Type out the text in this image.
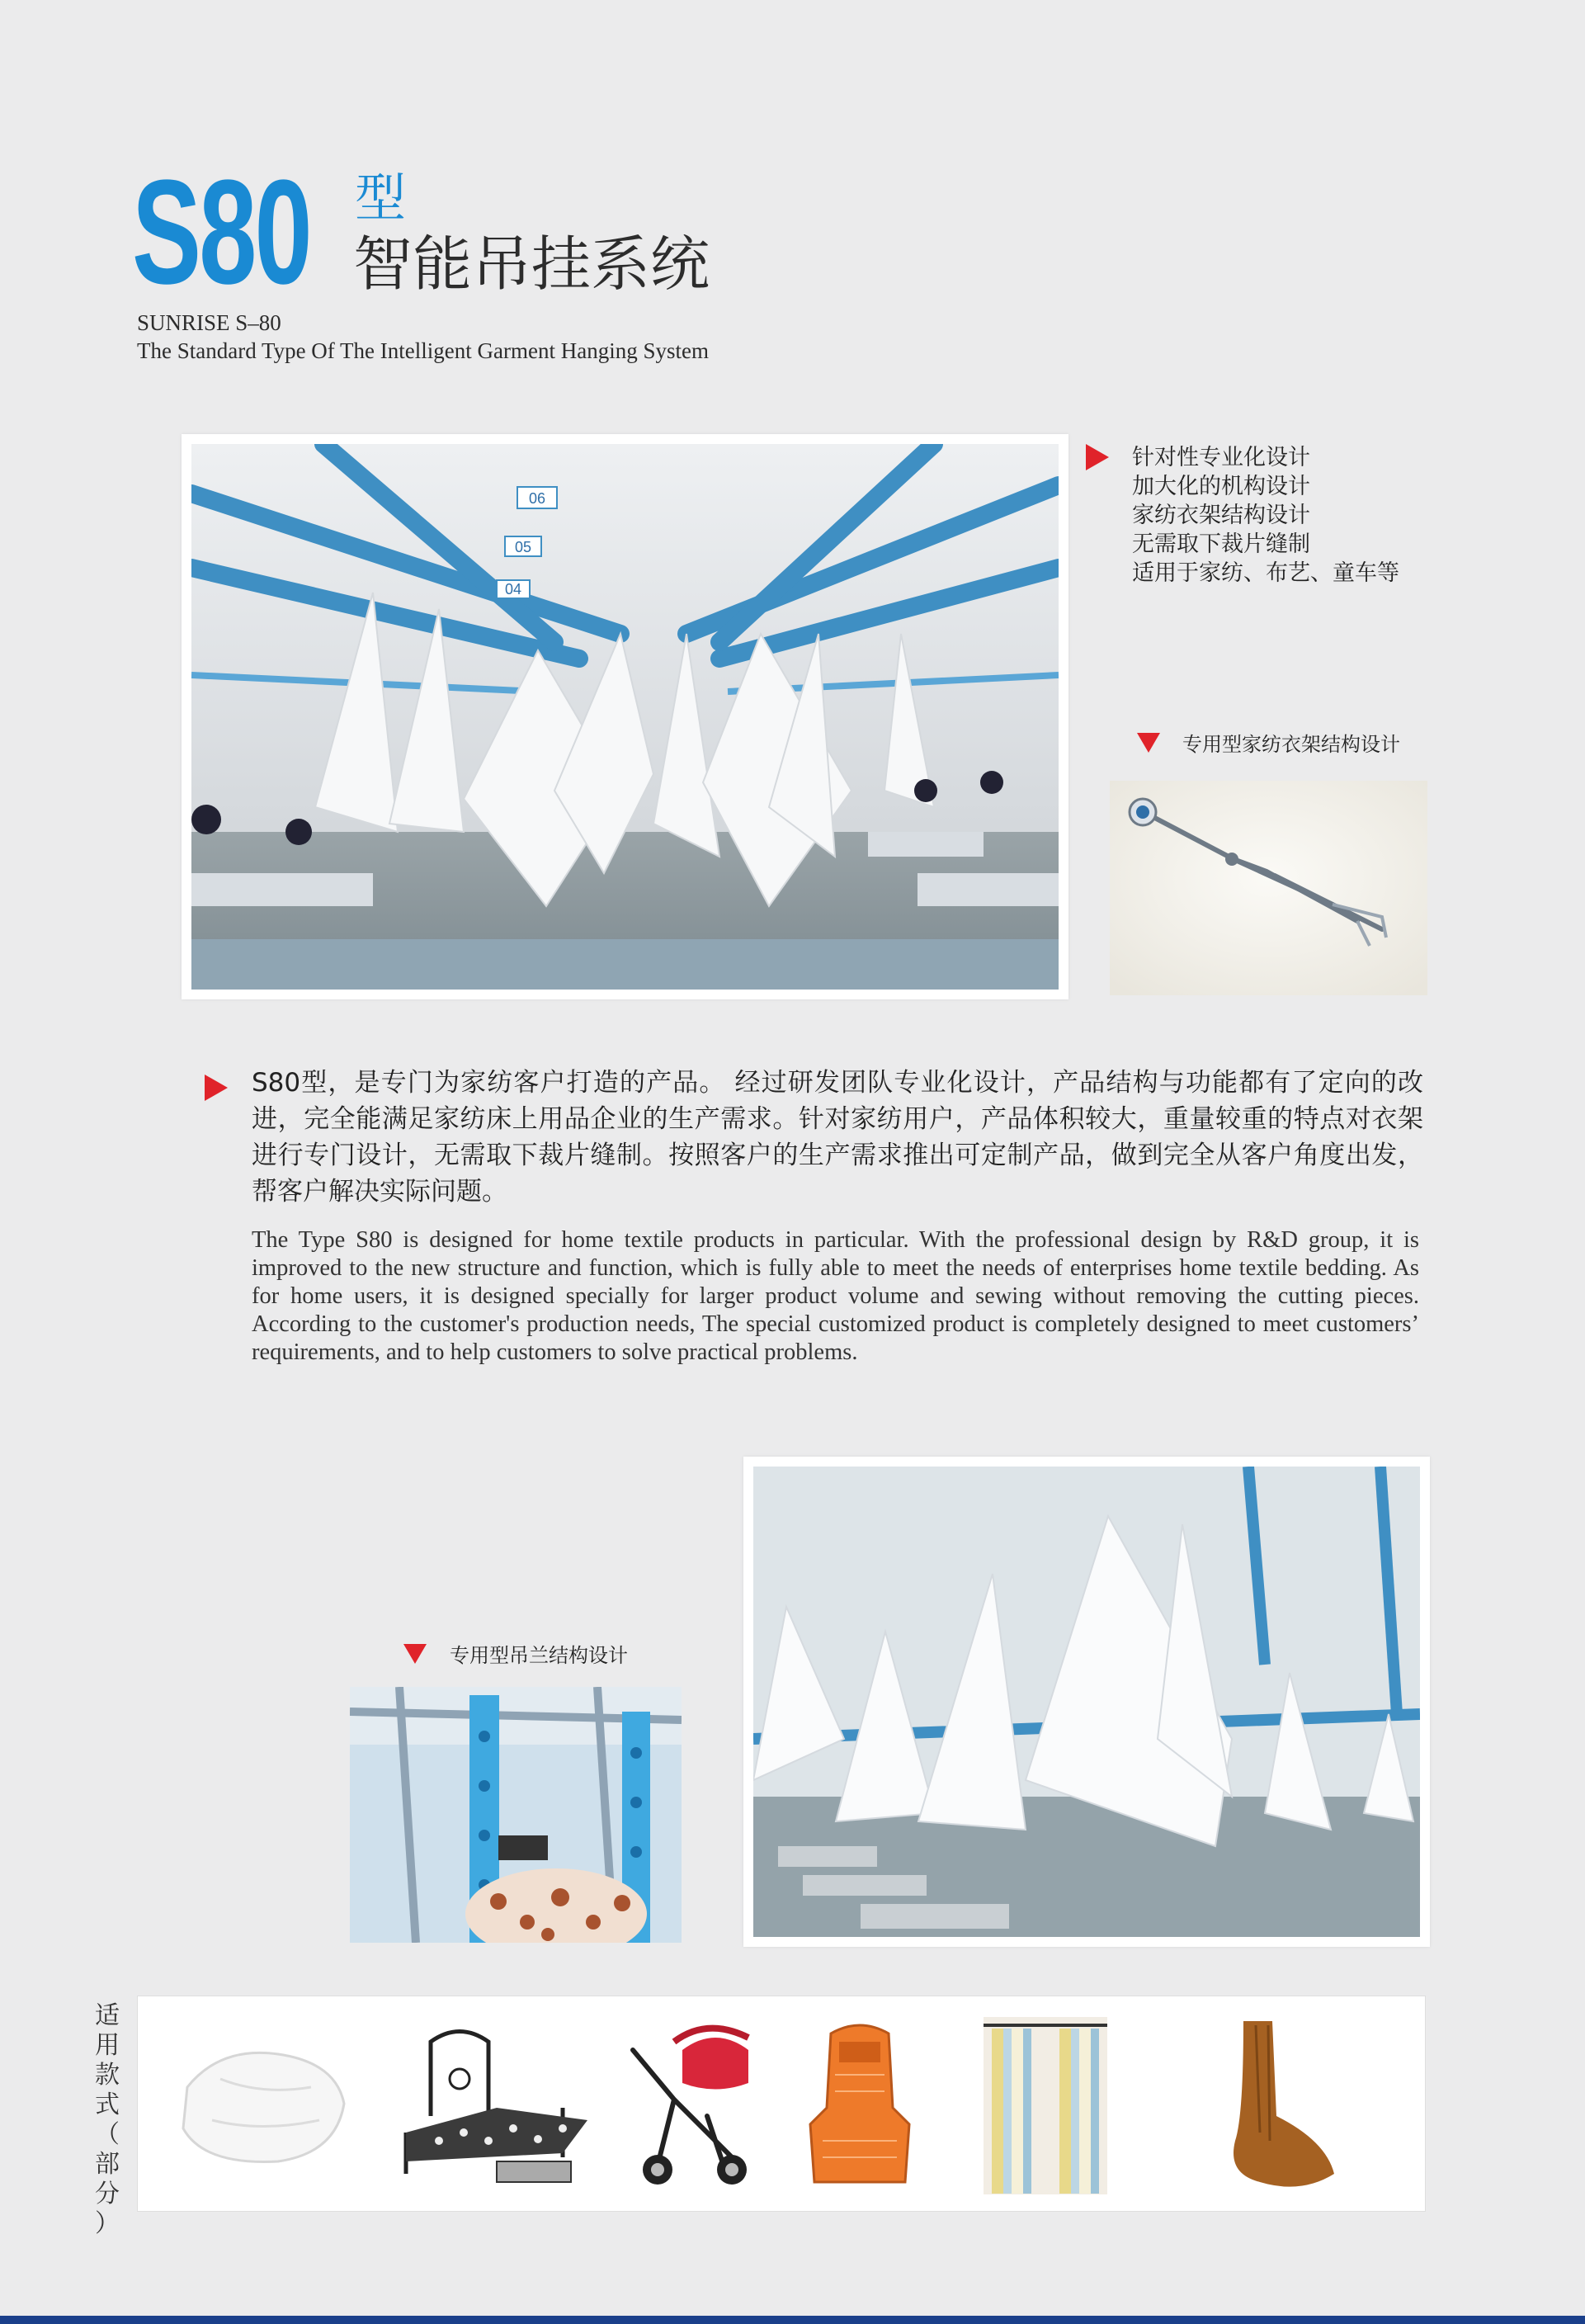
S80 型
智能吊挂系统
SUNRISE S–80
The Standard Type Of The Intelligent Garment Hanging System
06
05
04
针对性专业化设计
加大化的机构设计
家纺衣架结构设计
无需取下裁片缝制
适用于家纺、布艺、童车等
专用型家纺衣架结构设计
S80型，是专门为家纺客户打造的产品。 经过研发团队专业化设计，产品结构与功能都有了定向的改进，完全能满足家纺床上用品企业的生产需求。针对家纺用户，产品体积较大，重量较重的特点对衣架进行专门设计，无需取下裁片缝制。按照客户的生产需求推出可定制产品，做到完全从客户角度出发，帮客户解决实际问题。
The Type S80 is designed for home textile products in particular. With the professional design by R&D group, it is improved to the new structure and function, which is fully able to meet the needs of enterprises home textile bedding. As for home users, it is designed specially for larger product volume and sewing without removing the cutting pieces. According to the customer's production needs, The special customized product is completely designed to meet customers’ requirements, and to help customers to solve practical problems.
专用型吊兰结构设计
适
用
款
式
（
部
分
）
